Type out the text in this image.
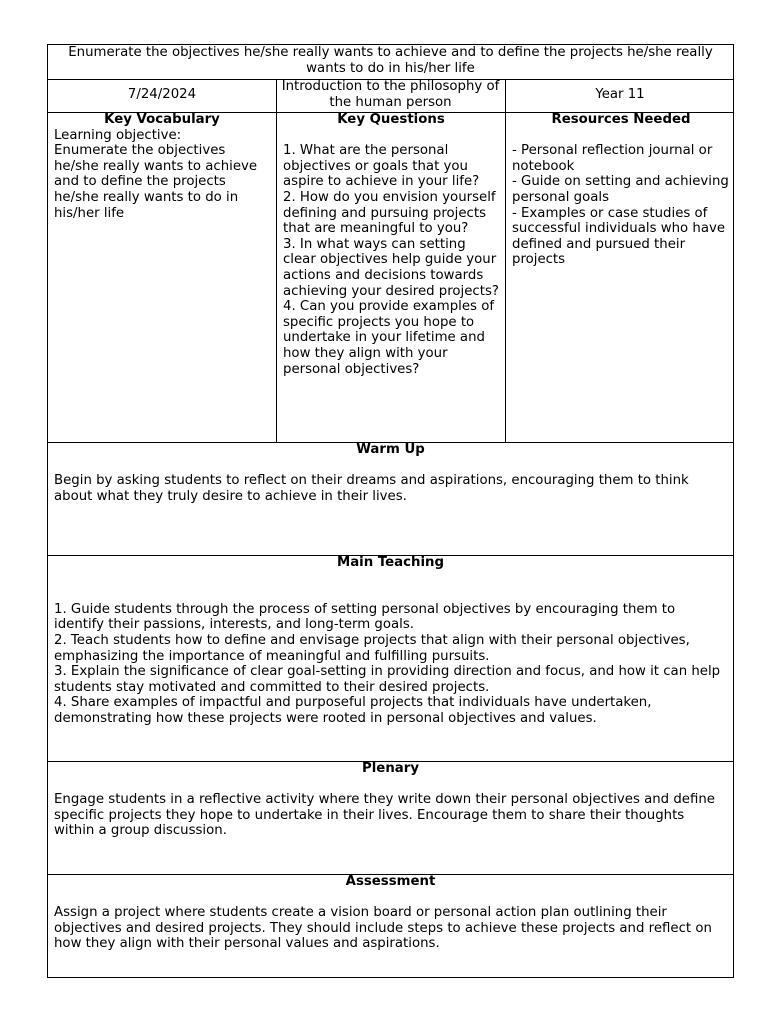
Enumerate the objectives he/she really wants to achieve and to define the projects he/she really wants to do in his/her life
7/24/2024
Introduction to the philosophy of the human person
Year 11
Key Vocabulary
Learning objective:
Enumerate the objectives he/she really wants to achieve and to define the projects he/she really wants to do in his/her life
Key Questions
1. What are the personal objectives or goals that you aspire to achieve in your life?
2. How do you envision yourself defining and pursuing projects that are meaningful to you?
3. In what ways can setting clear objectives help guide your actions and decisions towards achieving your desired projects?
4. Can you provide examples of specific projects you hope to undertake in your lifetime and how they align with your personal objectives?
Resources Needed
- Personal reflection journal or notebook
- Guide on setting and achieving personal goals
- Examples or case studies of successful individuals who have defined and pursued their projects
Warm Up
Begin by asking students to reflect on their dreams and aspirations, encouraging them to think about what they truly desire to achieve in their lives.
Main Teaching
1. Guide students through the process of setting personal objectives by encouraging them to identify their passions, interests, and long-term goals.
2. Teach students how to define and envisage projects that align with their personal objectives, emphasizing the importance of meaningful and fulfilling pursuits.
3. Explain the significance of clear goal-setting in providing direction and focus, and how it can help students stay motivated and committed to their desired projects.
4. Share examples of impactful and purposeful projects that individuals have undertaken, demonstrating how these projects were rooted in personal objectives and values.
Plenary
Engage students in a reflective activity where they write down their personal objectives and define specific projects they hope to undertake in their lives. Encourage them to share their thoughts within a group discussion.
Assessment
Assign a project where students create a vision board or personal action plan outlining their objectives and desired projects. They should include steps to achieve these projects and reflect on how they align with their personal values and aspirations.
